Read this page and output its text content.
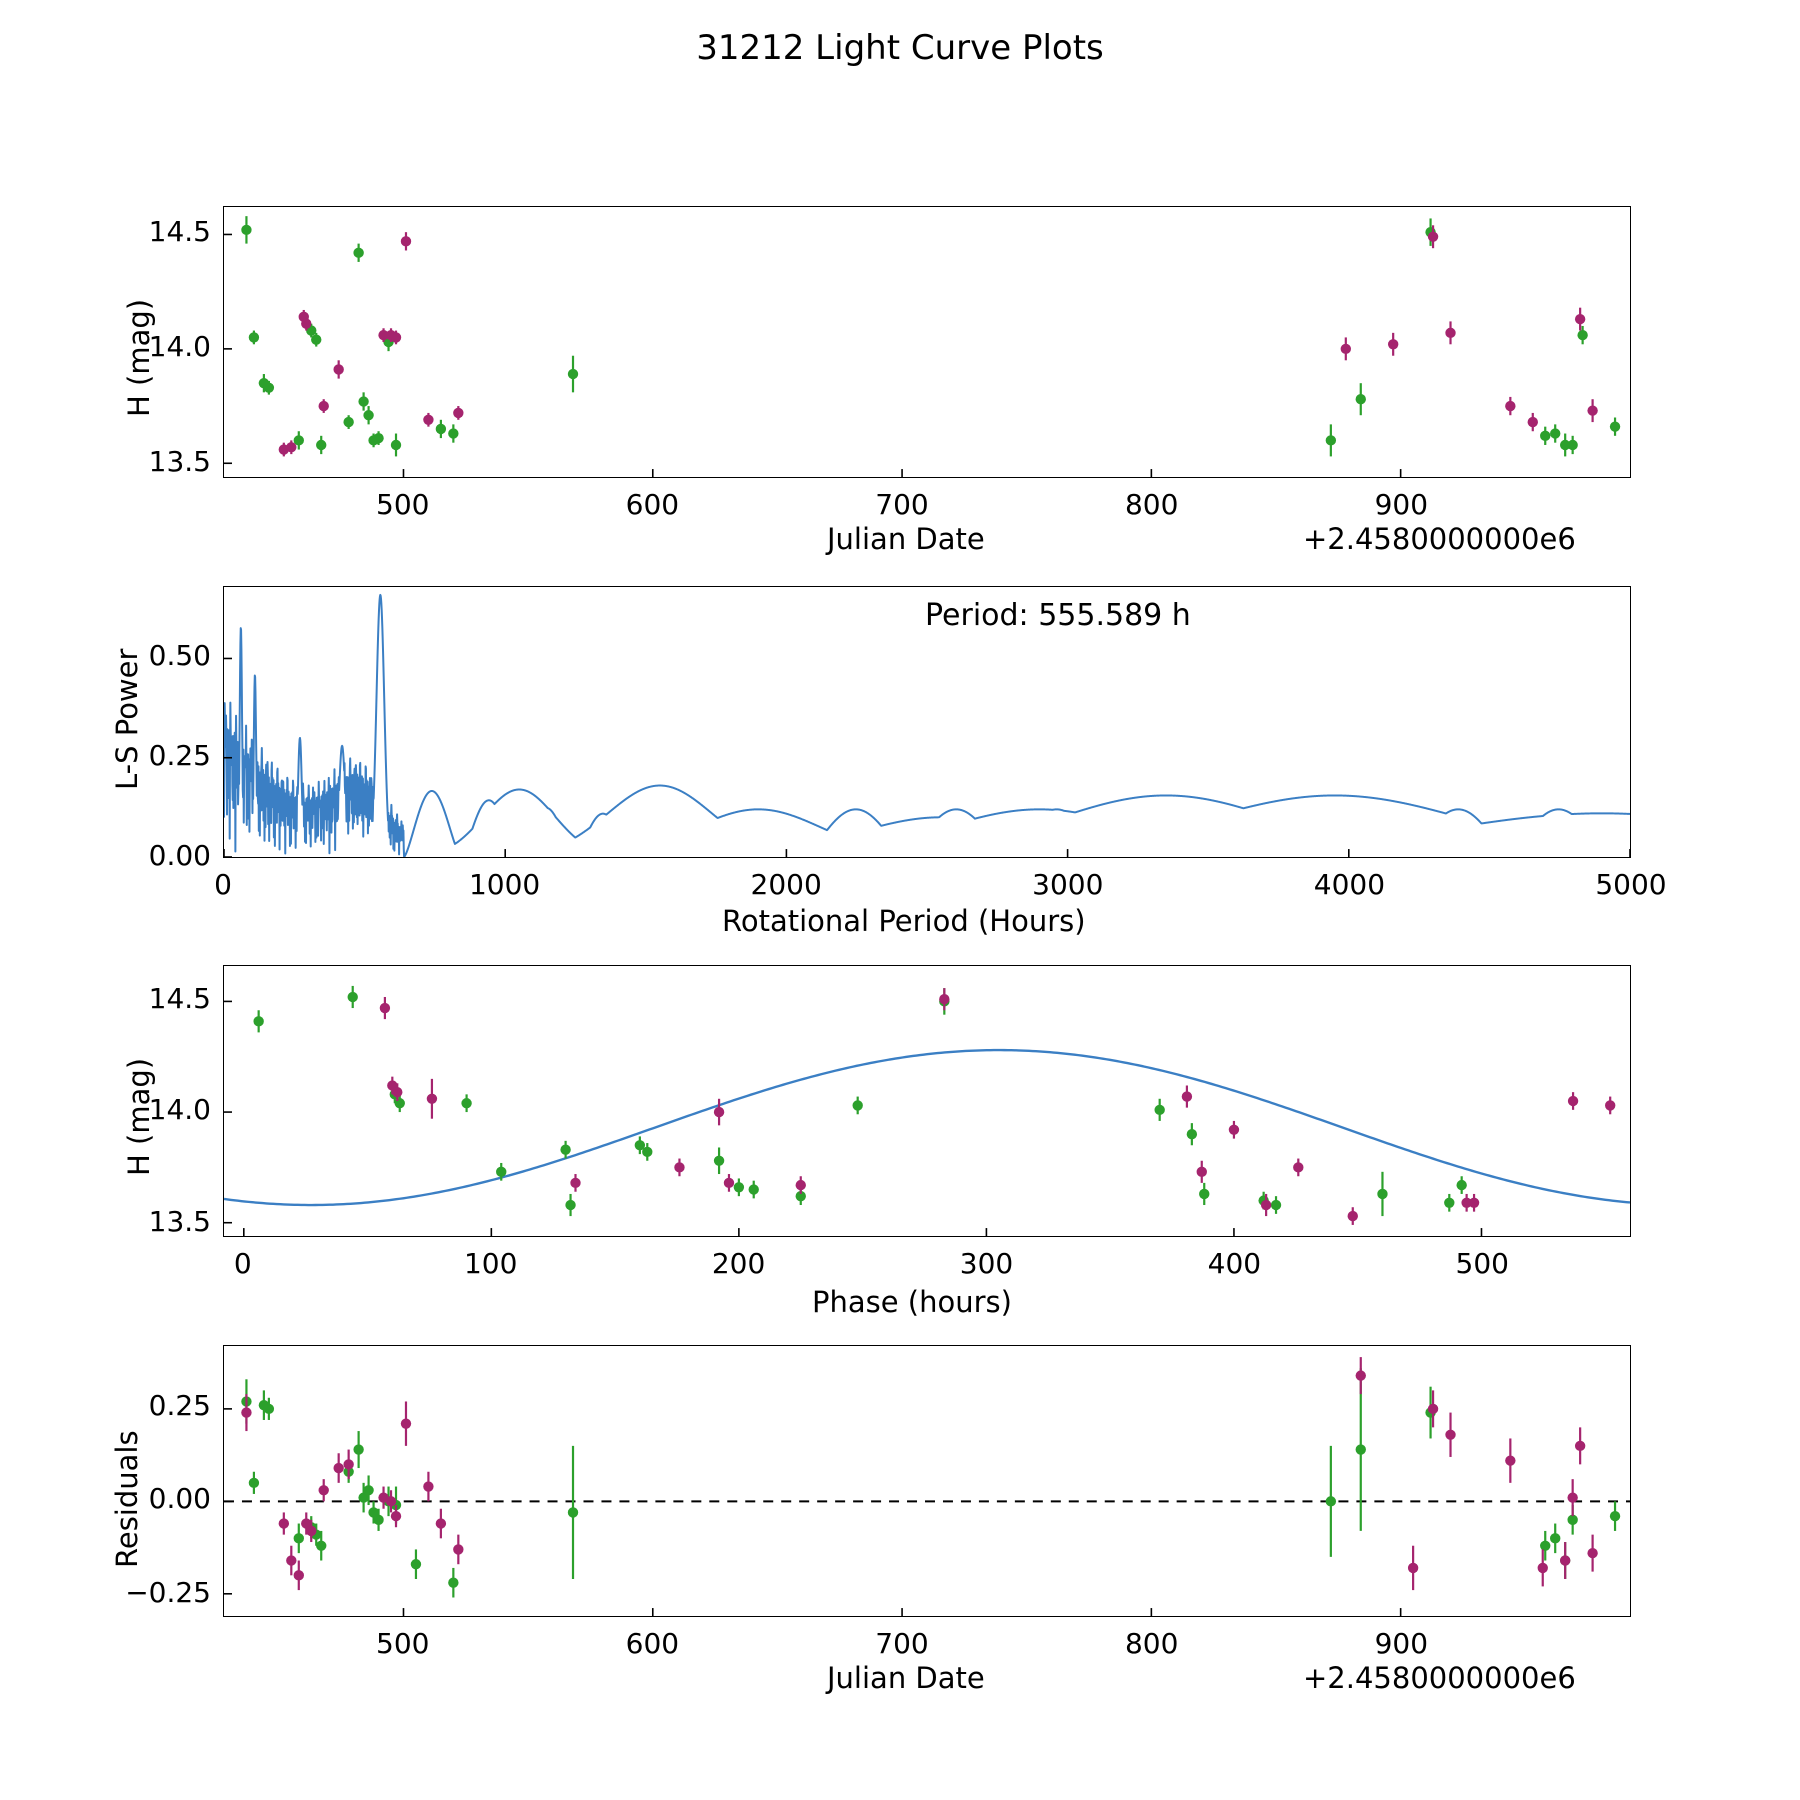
31212 Light Curve Plots
H (mag)
Julian Date	+2.4580000000e6
L-S Power
Period: 555.589 h
Rotational Period (Hours)
H (mag)
Phase (hours)
Residuals
Julian Date	+2.4580000000e6
500	600	700	800	900
13.5
14.0
14.5
0	1000	2000	3000	4000	5000
0.00
0.25
0.50
0	100	200	300	400	500
13.5
14.0
14.5
500	600	700	800	900
−0.25
0.00
0.25
